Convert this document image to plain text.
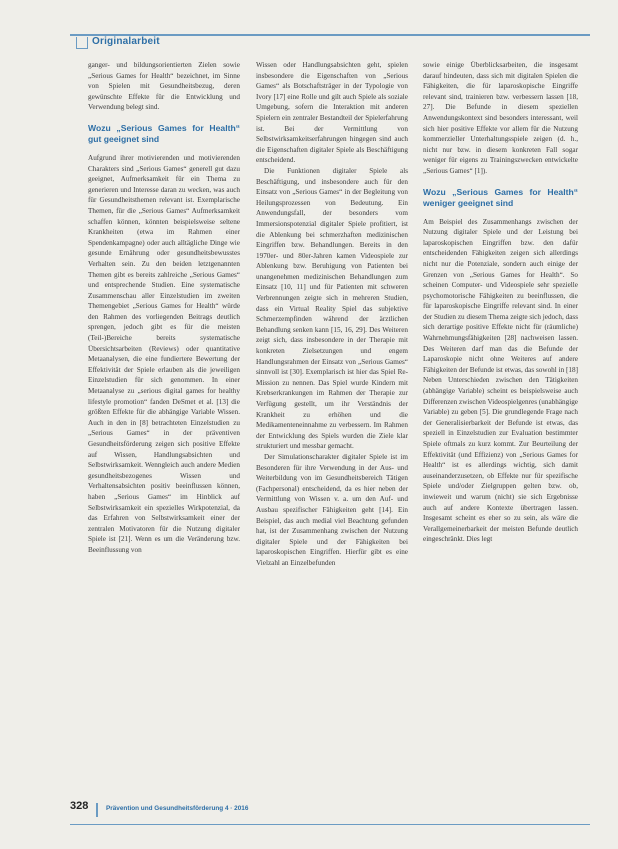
Originalarbeit

ganger- und bildungsorientierten Zielen sowie „Serious Games for Health“ bezeichnet, im Sinne von Spielen mit Gesundheitsbezug, deren gewünschte Effekte für die Entwicklung und Verwendung belegt sind.

Wozu „Serious Games for Health“ gut geeignet sind

Aufgrund ihrer motivierenden und motivierenden Charakters sind „Serious Games“ generell gut dazu geeignet, Aufmerksamkeit für ein Thema zu generieren und Interesse daran zu wecken, was auch für Gesundheitsthemen relevant ist. Exemplarische Themen, für die „Serious Games“ Aufmerksamkeit schaffen können, könnten beispielsweise seltene Krankheiten (etwa im Rahmen einer Spendenkampagne) oder auch alltägliche Dinge wie gesunde Ernährung oder gesundheitsbewusstes Verhalten sein. Zu den beiden letztgenannten Themen gibt es bereits zahlreiche „Serious Games“ und entsprechende Studien. Eine systematische Zusammenschau aller Einzelstudien im zweiten Themengebiet „Serious Games for Health“ würde den Rahmen des vorliegenden Beitrags deutlich sprengen, jedoch gibt es für die meisten (Teil-)Bereiche bereits systematische Übersichtsarbeiten (Reviews) oder quantitative Metaanalysen, die eine fundiertere Bewertung der Effektivität der Spiele erlauben als die jeweiligen Einzelstudien für sich genommen. In einer Metaanalyse zu „serious digital games for healthy lifestyle promotion“ fanden DeSmet et al. [13] die größten Effekte für die abhängige Variable Wissen. Auch in den in [8] betrachteten Einzelstudien zu „Serious Games“ in der präventiven Gesundheitsförderung zeigen sich positive Effekte auf Wissen, Handlungsabsichten und Selbstwirksamkeit. Wenngleich auch andere Medien gesundheitsbezogenes Wissen und Verhaltensabsichten positiv beeinflussen können, haben „Serious Games“ im Hinblick auf Selbstwirksamkeit ein spezielles Wirkpotenzial, da das Erfahren von Selbstwirksamkeit einer der zentralen Motivatoren für die Nutzung digitaler Spiele ist [21]. Wenn es um die Veränderung bzw. Beeinflussung von

Wissen oder Handlungsabsichten geht, spielen insbesondere die Eigenschaften von „Serious Games“ als Botschaftsträger in der Typologie von Ivory [17] eine Rolle und gilt auch Spiele als soziale Umgebung, sofern die Interaktion mit anderen Spielern ein zentraler Bestandteil der Spielerfahrung ist. Bei der Vermittlung von Selbstwirksamkeitserfahrungen hingegen sind auch die Eigenschaften digitaler Spiele als Beschäftigung entscheidend.

Die Funktionen digitaler Spiele als Beschäftigung, und insbesondere auch für den Einsatz von „Serious Games“ in der Begleitung von Heilungsprozessen von Bedeutung. Ein Anwendungsfall, der besonders vom Immersionspotenzial digitaler Spiele profitiert, ist die Ablenkung bei schmerzhaften medizinischen Eingriffen bzw. Behandlungen. Bereits in den 1970er- und 80er-Jahren kamen Videospiele zur Ablenkung bzw. Beruhigung von Patienten bei unangenehmen medizinischen Behandlungen zum Einsatz [10, 11] und für Patienten mit schweren Verbrennungen zeigte sich in mehreren Studien, dass ein Virtual Reality Spiel das subjektive Schmerzempfinden während der ärztlichen Behandlung senken kann [15, 16, 29]. Des Weiteren zeigt sich, dass insbesondere in der Therapie mit konkreten Zielsetzungen und engem Handlungsrahmen der Einsatz von „Serious Games“ sinnvoll ist [30]. Exemplarisch ist hier das Spiel Re-Mission zu nennen. Das Spiel wurde Kindern mit Krebserkrankungen im Rahmen der Therapie zur Verfügung gestellt, um ihr Verständnis der Krankheit zu erhöhen und die Medikamenteneinnahme zu verbessern. Im Rahmen der Entwicklung des Spiels wurden die Ziele klar strukturiert und messbar gemacht.

Der Simulationscharakter digitaler Spiele ist im Besonderen für ihre Verwendung in der Aus- und Weiterbildung von im Gesundheitsbereich Tätigen (Fachpersonal) entscheidend, da es hier neben der Vermittlung von Wissen v. a. um den Auf- und Ausbau spezifischer Fähigkeiten geht [14]. Ein Beispiel, das auch medial viel Beachtung gefunden hat, ist der Zusammenhang zwischen der Nutzung digitaler Spiele und der Fähigkeiten bei laparoskopischen Eingriffen. Hierfür gibt es eine Vielzahl an Einzelbefunden

sowie einige Überblicksarbeiten, die insgesamt darauf hindeuten, dass sich mit digitalen Spielen die Fähigkeiten, die für laparoskopische Eingriffe relevant sind, trainieren bzw. verbessern lassen [18, 27]. Die Befunde in diesem speziellen Anwendungskontext sind besonders interessant, weil sich hier positive Effekte vor allem für die Nutzung kommerzieller Unterhaltungsspiele zeigen (d. h., nicht nur bzw. in diesem konkreten Fall sogar weniger für eigens zu Trainingszwecken entwickelte „Serious Games“ [1]).

Wozu „Serious Games for Health“ weniger geeignet sind

Am Beispiel des Zusammenhangs zwischen der Nutzung digitaler Spiele und der Leistung bei laparoskopischen Eingriffen bzw. den dafür entscheidenden Fähigkeiten zeigen sich allerdings nicht nur die Potenziale, sondern auch einige der Grenzen von „Serious Games for Health“. So scheinen Computer- und Videospiele sehr spezielle psychomotorische Fähigkeiten zu beeinflussen, die für laparoskopische Eingriffe relevant sind. In einer der Studien zu diesem Thema zeigte sich jedoch, dass sich derartige positive Effekte nicht für (räumliche) Wahrnehmungsfähigkeiten [28] nachweisen lassen. Des Weiteren darf man das die Befunde der Laparoskopie nicht ohne Weiteres auf andere Fähigkeiten der Befunde ist etwas, das sowohl in [18] Neben Unterschieden zwischen den Tätigkeiten (abhängige Variable) scheint es beispielsweise auch Differenzen zwischen Videospielgenres (unabhängige Variable) zu geben [5]. Die grundlegende Frage nach der Generalisierbarkeit der Befunde ist etwas, das speziell in Einzelstudien zur Evaluation bestimmter Spiele oftmals zu kurz kommt. Zur Beurteilung der Effektivität (und Effizienz) von „Serious Games for Health“ ist es allerdings wichtig, sich damit auseinanderzusetzen, ob Effekte nur für spezifische Spiele und/oder Zielgruppen gelten bzw. ob, inwieweit und warum (nicht) sie sich Ergebnisse auch auf andere Kontexte übertragen lassen. Insgesamt scheint es eher so zu sein, als wäre die Verallgemeinerbarkeit der meisten Befunde deutlich eingeschränkt. Dies legt

328	Prävention und Gesundheitsförderung 4 · 2016
